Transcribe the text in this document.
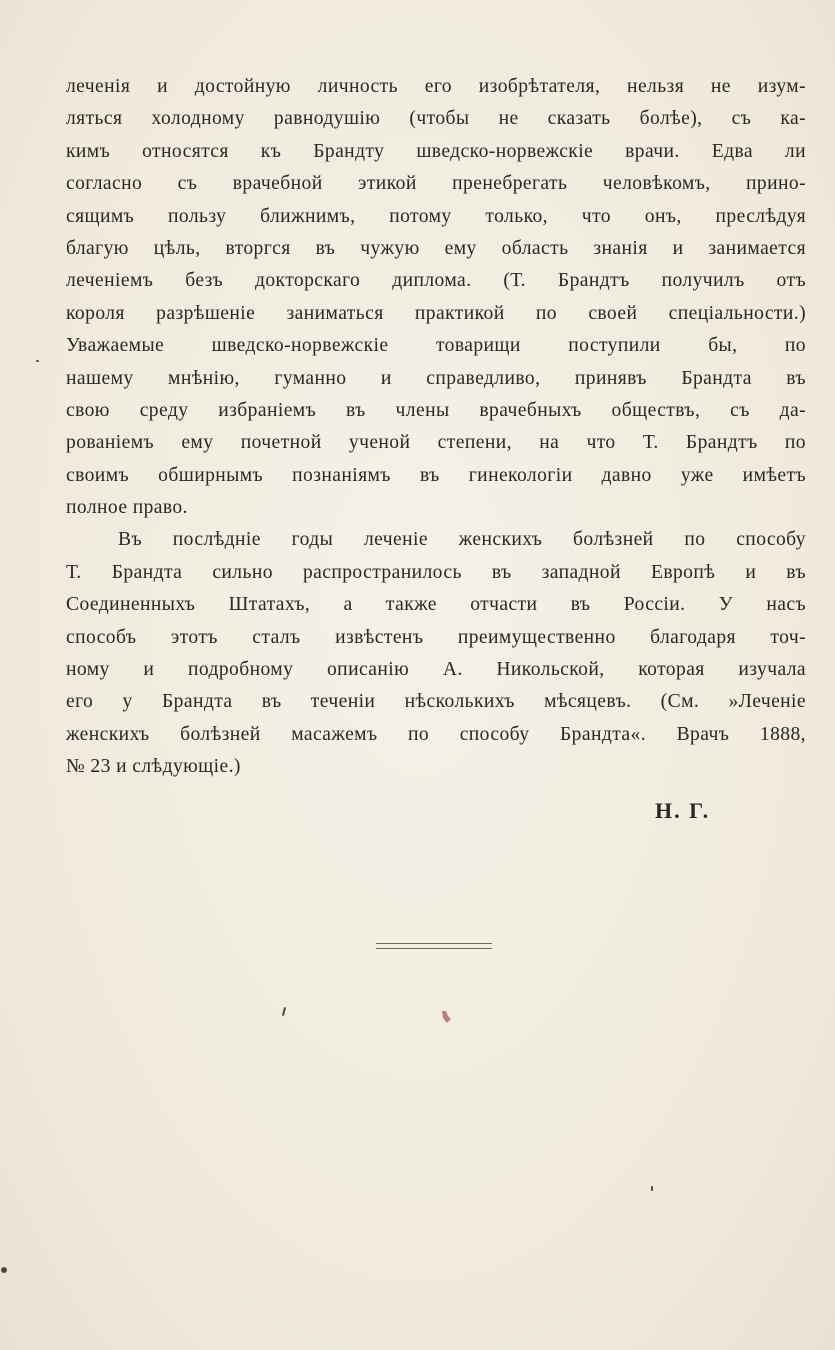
леченія и достойную личность его изобрѣтателя, нельзя не изум-
ляться холодному равнодушію (чтобы не сказать болѣе), съ ка-
кимъ относятся къ Брандту шведско-норвежскіе врачи. Едва ли
согласно съ врачебной этикой пренебрегать человѣкомъ, прино-
сящимъ пользу ближнимъ, потому только, что онъ, преслѣдуя
благую цѣль, вторгся въ чужую ему область знанія и занимается
леченіемъ безъ докторскаго диплома. (Т. Брандтъ получилъ отъ
короля разрѣшеніе заниматься практикой по своей спеціальности.)
Уважаемые шведско-норвежскіе товарищи поступили бы, по
нашему мнѣнію, гуманно и справедливо, принявъ Брандта въ
свою среду избраніемъ въ члены врачебныхъ обществъ, съ да-
рованіемъ ему почетной ученой степени, на что Т. Брандтъ по
своимъ обширнымъ познаніямъ въ гинекологіи давно уже имѣетъ
полное право.
Въ послѣдніе годы леченіе женскихъ болѣзней по способу
Т. Брандта сильно распространилось въ западной Европѣ и въ
Соединенныхъ Штатахъ, а также отчасти въ Россіи. У насъ
способъ этотъ сталъ извѣстенъ преимущественно благодаря точ-
ному и подробному описанію А. Никольской, которая изучала
его у Брандта въ теченіи нѣсколькихъ мѣсяцевъ. (См. »Леченіе
женскихъ болѣзней масажемъ по способу Брандта«. Врачъ 1888,
№ 23 и слѣдующіе.)
Н. Г.
